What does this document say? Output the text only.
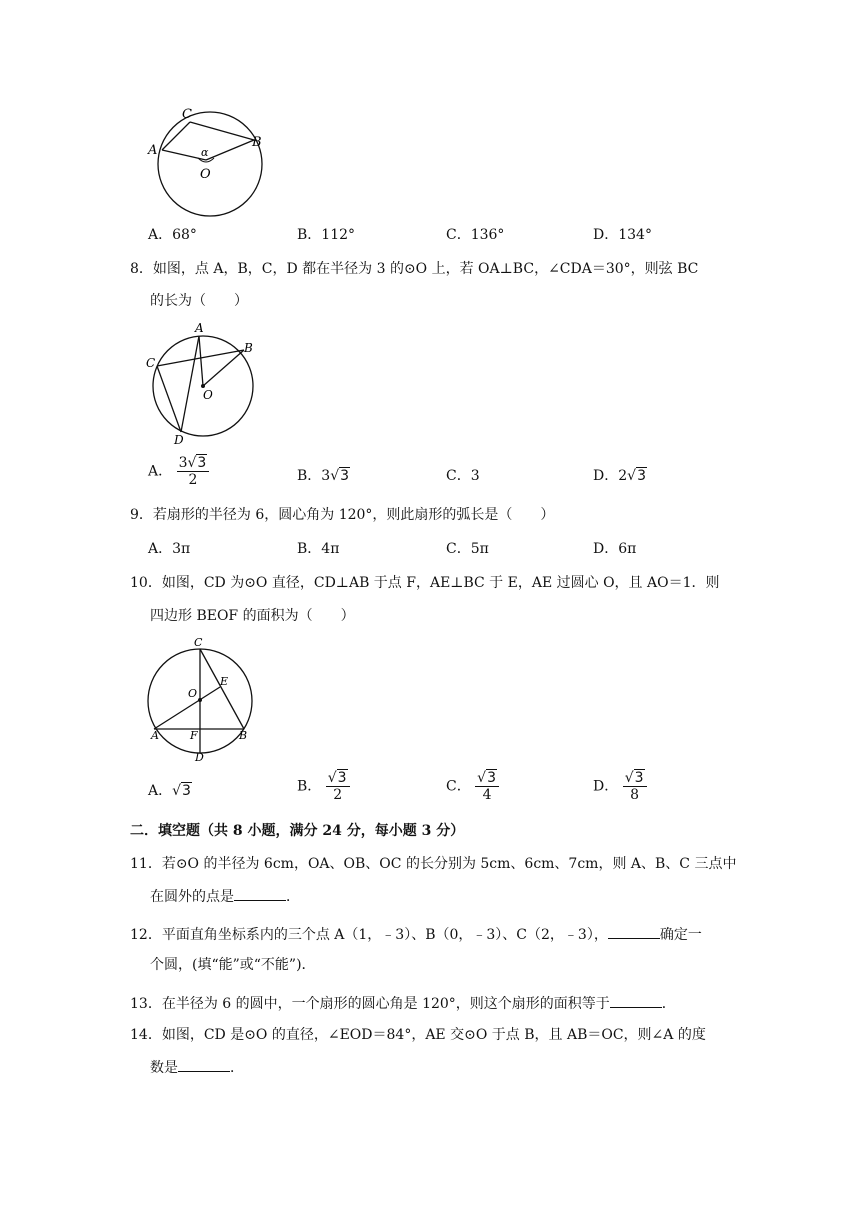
C
A
B
α
O
A．68°	B．112°	C．136°	D．134°
8．如图，点 A，B，C，D 都在半径为 3 的⊙O 上，若 OA⊥BC，∠CDA＝30°，则弦 BC
的长为（　　）
A
B
C
O
D
A． $\frac{3√3}{2}$	B．3√3	C．3	D．2√3
9．若扇形的半径为 6，圆心角为 120°，则此扇形的弧长是（　　）
A．3π	B．4π	C．5π	D．6π
10．如图，CD 为⊙O 直径，CD⊥AB 于点 F，AE⊥BC 于 E，AE 过圆心 O，且 AO＝1．则
四边形 BEOF 的面积为（　　）
C
E
O
A	F	B
D
A．√3	B． $\frac{√3}{2}$	C． $\frac{√3}{4}$	D． $\frac{√3}{8}$
二．填空题（共 8 小题，满分 24 分，每小题 3 分）
11．若⊙O 的半径为 6cm，OA、OB、OC 的长分别为 5cm、6cm、7cm，则 A、B、C 三点中
在圆外的点是	．
12．平面直角坐标系内的三个点 A（1，﹣3）、B（0，﹣3）、C（2，﹣3），	确定一
个圆，(填“能”或“不能”)．
13．在半径为 6 的圆中，一个扇形的圆心角是 120°，则这个扇形的面积等于	．
14．如图，CD 是⊙O 的直径，∠EOD＝84°，AE 交⊙O 于点 B，且 AB＝OC，则∠A 的度
数是	．
